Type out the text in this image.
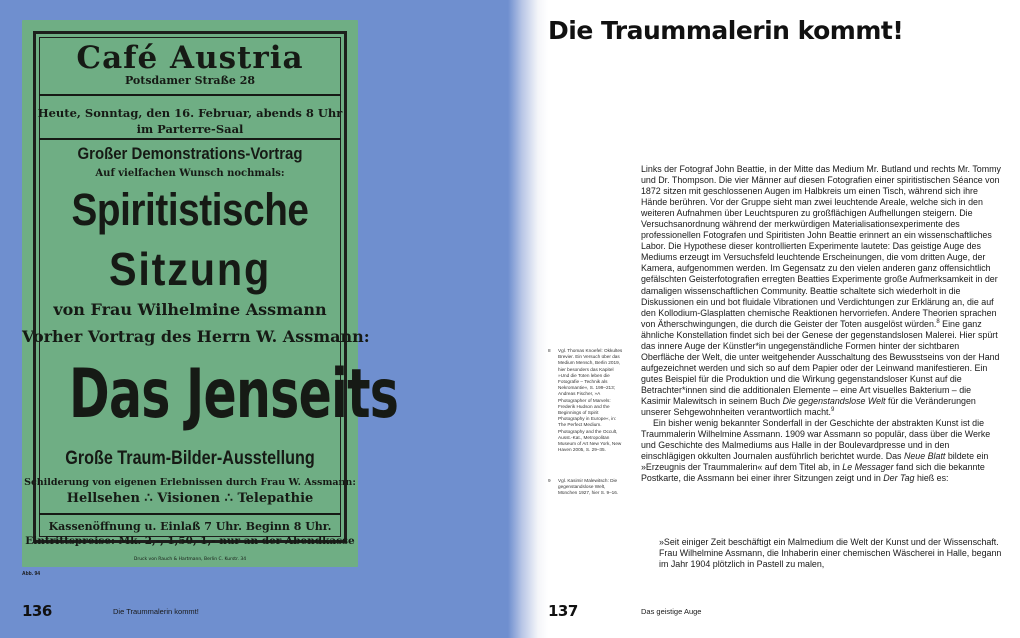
Café Austria
Potsdamer Straße 28
Heute, Sonntag, den 16. Februar, abends 8 Uhr
im Parterre-Saal
Großer Demonstrations-Vortrag
Auf vielfachen Wunsch nochmals:
Spiritistische
Sitzung
von Frau Wilhelmine Assmann
Vorher Vortrag des Herrn W. Assmann:
Das Jenseits
Große Traum-Bilder-Ausstellung
Schilderung von eigenen Erlebnissen durch Frau W. Assmann:
Hellsehen ∴ Visionen ∴ Telepathie
Kassenöffnung u. Einlaß 7 Uhr. Beginn 8 Uhr.
Eintrittspreise: Mk. 2,-, 1,50, 1,- nur an der Abendkasse
Druck von Rauch & Hartmann, Berlin C. Kurstr. 34
Abb. 94
136	Die Traummalerin kommt!	137	Das geistige Auge
Die Traummalerin kommt!
8 Vgl. Thomas Knoefel: Okkultes Brevier. Ein Versuch über das Medium Mensch, Berlin 2019, hier besonders das Kapitel »Und die Toten leben die Fotografie – Technik als Nekromantie«, S. 199–213; Andreas Fischer, »A Photographer of Marvels: Frederik Hudson and the Beginnings of Spirit Photography in Europe«, in: The Perfect Medium. Photography and the Occult, Ausst.-Kat., Metropolitan Museum of Art New York, New Haven 2005, S. 29–35.
9 Vgl. Kasimir Malewitsch: Die gegenstandslose Welt, München 1927, hier S. 9–16.

Links der Fotograf John Beattie, in der Mitte das Medium Mr. Butland und rechts Mr. Tommy und Dr. Thompson. Die vier Männer auf diesen Fotografien einer spiritistischen Séance von 1872 sitzen mit geschlossenen Augen im Halbkreis um einen Tisch, während sich ihre Hände berühren. Vor der Gruppe sieht man zwei leuchtende Areale, welche sich in den weiteren Aufnahmen über Leuchtspuren zu großflächigen Aufhellungen steigern. Die Versuchsanordnung während der merkwürdigen Materialisationsexperimente des professionellen Fotografen und Spiritisten John Beattie erinnert an ein wissenschaftliches Labor. Die Hypothese dieser kontrollierten Experimente lautete: Das geistige Auge des Mediums erzeugt im Versuchsfeld leuchtende Erscheinungen, die vom dritten Auge, der Kamera, aufgenommen werden. Im Gegensatz zu den vielen anderen ganz offensichtlich gefälschten Geisterfotografien erregten Beatties Experimente große Aufmerksamkeit in der damaligen wissenschaftlichen Community. Beattie schaltete sich wiederholt in die Diskussionen ein und bot fluidale Vibrationen und Verdichtungen zur Erklärung an, die auf den Kollodium-Glasplatten chemische Reaktionen hervorriefen. Andere Theorien sprachen von Ätherschwingungen, die durch die Geister der Toten ausgelöst würden.$^8$ Eine ganz ähnliche Konstellation findet sich bei der Genese der gegenstandslosen Malerei. Hier spürt das innere Auge der Künstler*in ungegenständliche Formen hinter der sichtbaren Oberfläche der Welt, die unter weitgehender Ausschaltung des Bewusstseins von der Hand aufgezeichnet werden und sich so auf dem Papier oder der Leinwand manifestieren. Ein gutes Beispiel für die Produktion und die Wirkung gegenstandsloser Kunst auf die Betrachter*innen sind die additionalen Elemente – eine Art visuelles Bakterium – die Kasimir Malewitsch in seinem Buch Die gegenstandslose Welt für die Veränderungen unserer Sehgewohnheiten verantwortlich macht.$^9$

Ein bisher wenig bekannter Sonderfall in der Geschichte der abstrakten Kunst ist die Traummalerin Wilhelmine Assmann. 1909 war Assmann so populär, dass über die Werke und Geschichte des Malmediums aus Halle in der Boulevardpresse und in den einschlägigen okkulten Journalen ausführlich berichtet wurde. Das Neue Blatt bildete ein »Erzeugnis der Traummalerin« auf dem Titel ab, in Le Messager fand sich die bekannte Postkarte, die Assmann bei einer ihrer Sitzungen zeigt und in Der Tag hieß es:

»Seit einiger Zeit beschäftigt ein Malmedium die Welt der Kunst und der Wissenschaft. Frau Wilhelmine Assmann, die Inhaberin einer chemischen Wäscherei in Halle, begann im Jahr 1904 plötzlich in Pastell zu malen,
